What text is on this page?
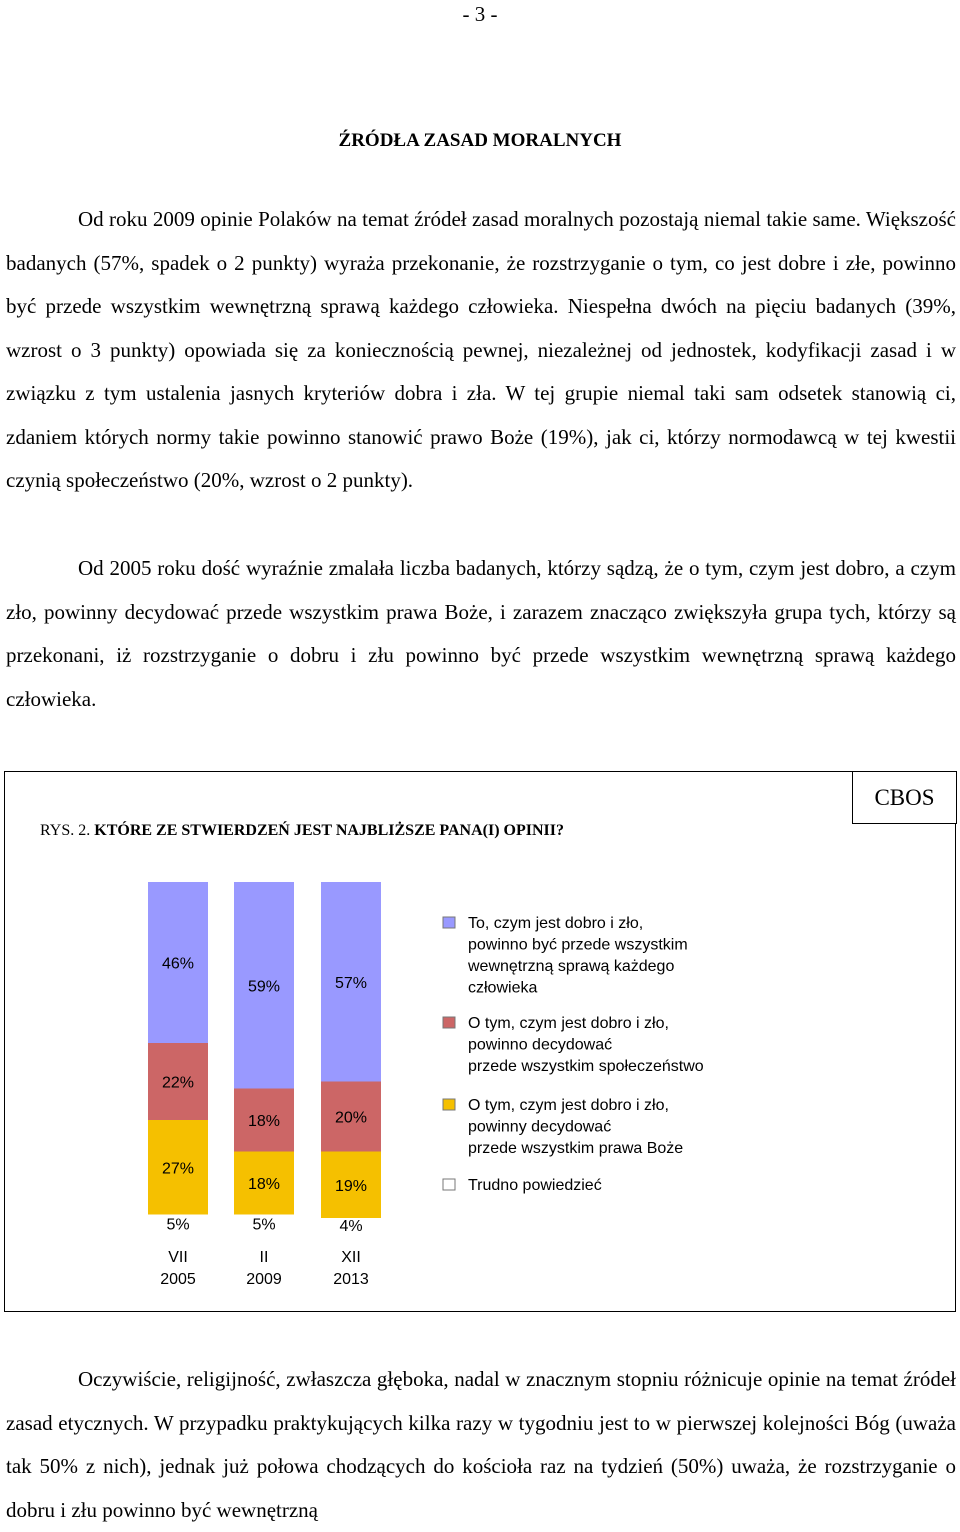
- 3 -
ŹRÓDŁA ZASAD MORALNYCH

Od roku 2009 opinie Polaków na temat źródeł zasad moralnych pozostają niemal takie same. Większość badanych (57%, spadek o 2 punkty) wyraża przekonanie, że rozstrzyganie o tym, co jest dobre i złe, powinno być przede wszystkim wewnętrzną sprawą każdego człowieka. Niespełna dwóch na pięciu badanych (39%, wzrost o 3 punkty) opowiada się za koniecznością pewnej, niezależnej od jednostek, kodyfikacji zasad i w związku z tym ustalenia jasnych kryteriów dobra i zła. W tej grupie niemal taki sam odsetek stanowią ci, zdaniem których normy takie powinno stanowić prawo Boże (19%), jak ci, którzy normodawcą w tej kwestii czynią społeczeństwo (20%, wzrost o 2 punkty).

Od 2005 roku dość wyraźnie zmalała liczba badanych, którzy sądzą, że o tym, czym jest dobro, a czym zło, powinny decydować przede wszystkim prawa Boże, i zarazem znacząco zwiększyła grupa tych, którzy są przekonani, iż rozstrzyganie o dobru i złu powinno być przede wszystkim wewnętrzną sprawą każdego człowieka.

CBOS
RYS. 2. KTÓRE ZE STWIERDZEŃ JEST NAJBLIŻSZE PANA(I) OPINII?
5%
27%
22%
46%
VII
2005
5%
18%
18%
59%
II
2009
4%
19%
20%
57%
XII
2013
To, czym jest dobro i zło,
powinno być przede wszystkim
wewnętrzną sprawą każdego
człowieka
O tym, czym jest dobro i zło,
powinno decydować
przede wszystkim społeczeństwo
O tym, czym jest dobro i zło,
powinny decydować
przede wszystkim prawa Boże
Trudno powiedzieć

Oczywiście, religijność, zwłaszcza głęboka, nadal w znacznym stopniu różnicuje opinie na temat źródeł zasad etycznych. W przypadku praktykujących kilka razy w tygodniu jest to w pierwszej kolejności Bóg (uważa tak 50% z nich), jednak już połowa chodzących do kościoła raz na tydzień (50%) uważa, że rozstrzyganie o dobru i złu powinno być wewnętrzną
